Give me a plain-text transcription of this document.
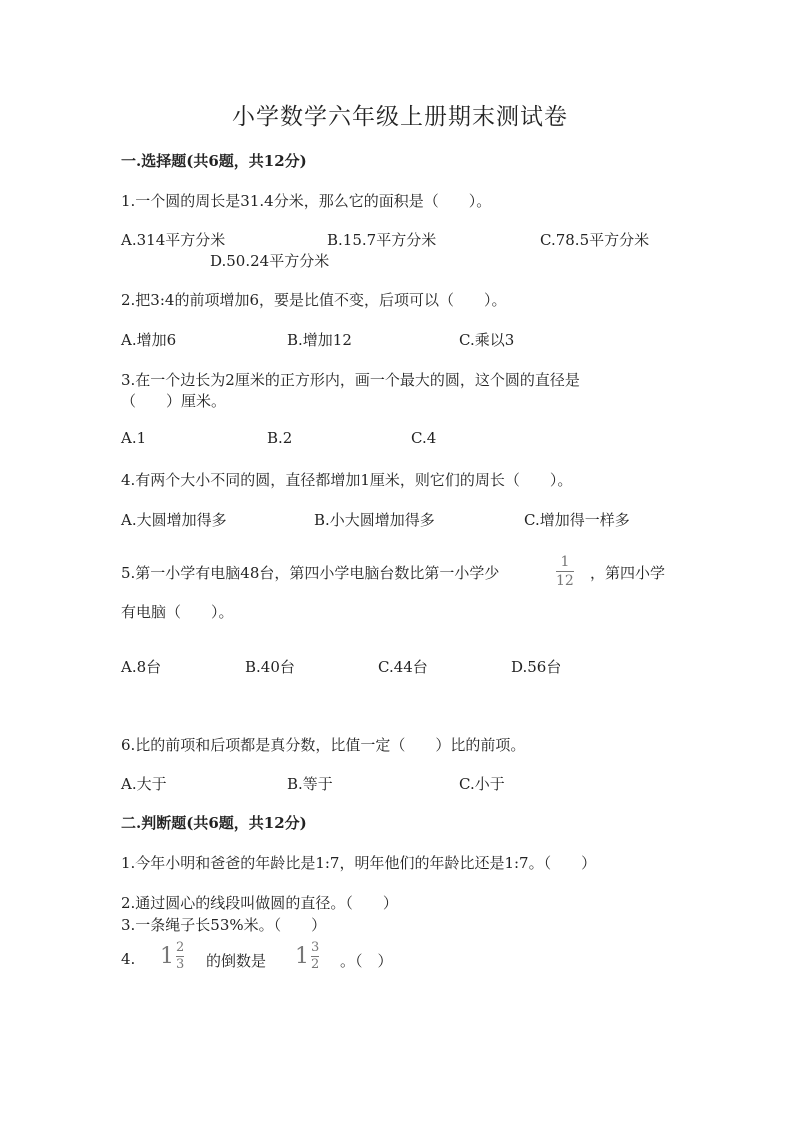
小学数学六年级上册期末测试卷
一.选择题(共6题，共12分)
1.一个圆的周长是31.4分米，那么它的面积是（　　）。
A.314平方分米	B.15.7平方分米	C.78.5平方分米
D.50.24平方分米
2.把3:4的前项增加6，要是比值不变，后项可以（　　）。
A.增加6	B.增加12	C.乘以3
3.在一个边长为2厘米的正方形内，画一个最大的圆，这个圆的直径是
（　　）厘米。
A.1	B.2	C.4
4.有两个大小不同的圆，直径都增加1厘米，则它们的周长（　　）。
A.大圆增加得多	B.小大圆增加得多	C.增加得一样多
5.第一小学有电脑48台，第四小学电脑台数比第一小学少
1
12 ，第四小学
有电脑（　　）。
A.8台	B.40台	C.44台	D.56台
6.比的前项和后项都是真分数，比值一定（　　）比的前项。
A.大于	B.等于	C.小于
二.判断题(共6题，共12分)
1.今年小明和爸爸的年龄比是1:7，明年他们的年龄比还是1:7。（　　）
2.通过圆心的线段叫做圆的直径。（　　）
3.一条绳子长53%米。（　　）
4. $1 \frac{2}{3}$ 的倒数是 $1 \frac{3}{2}$ 。（　）
